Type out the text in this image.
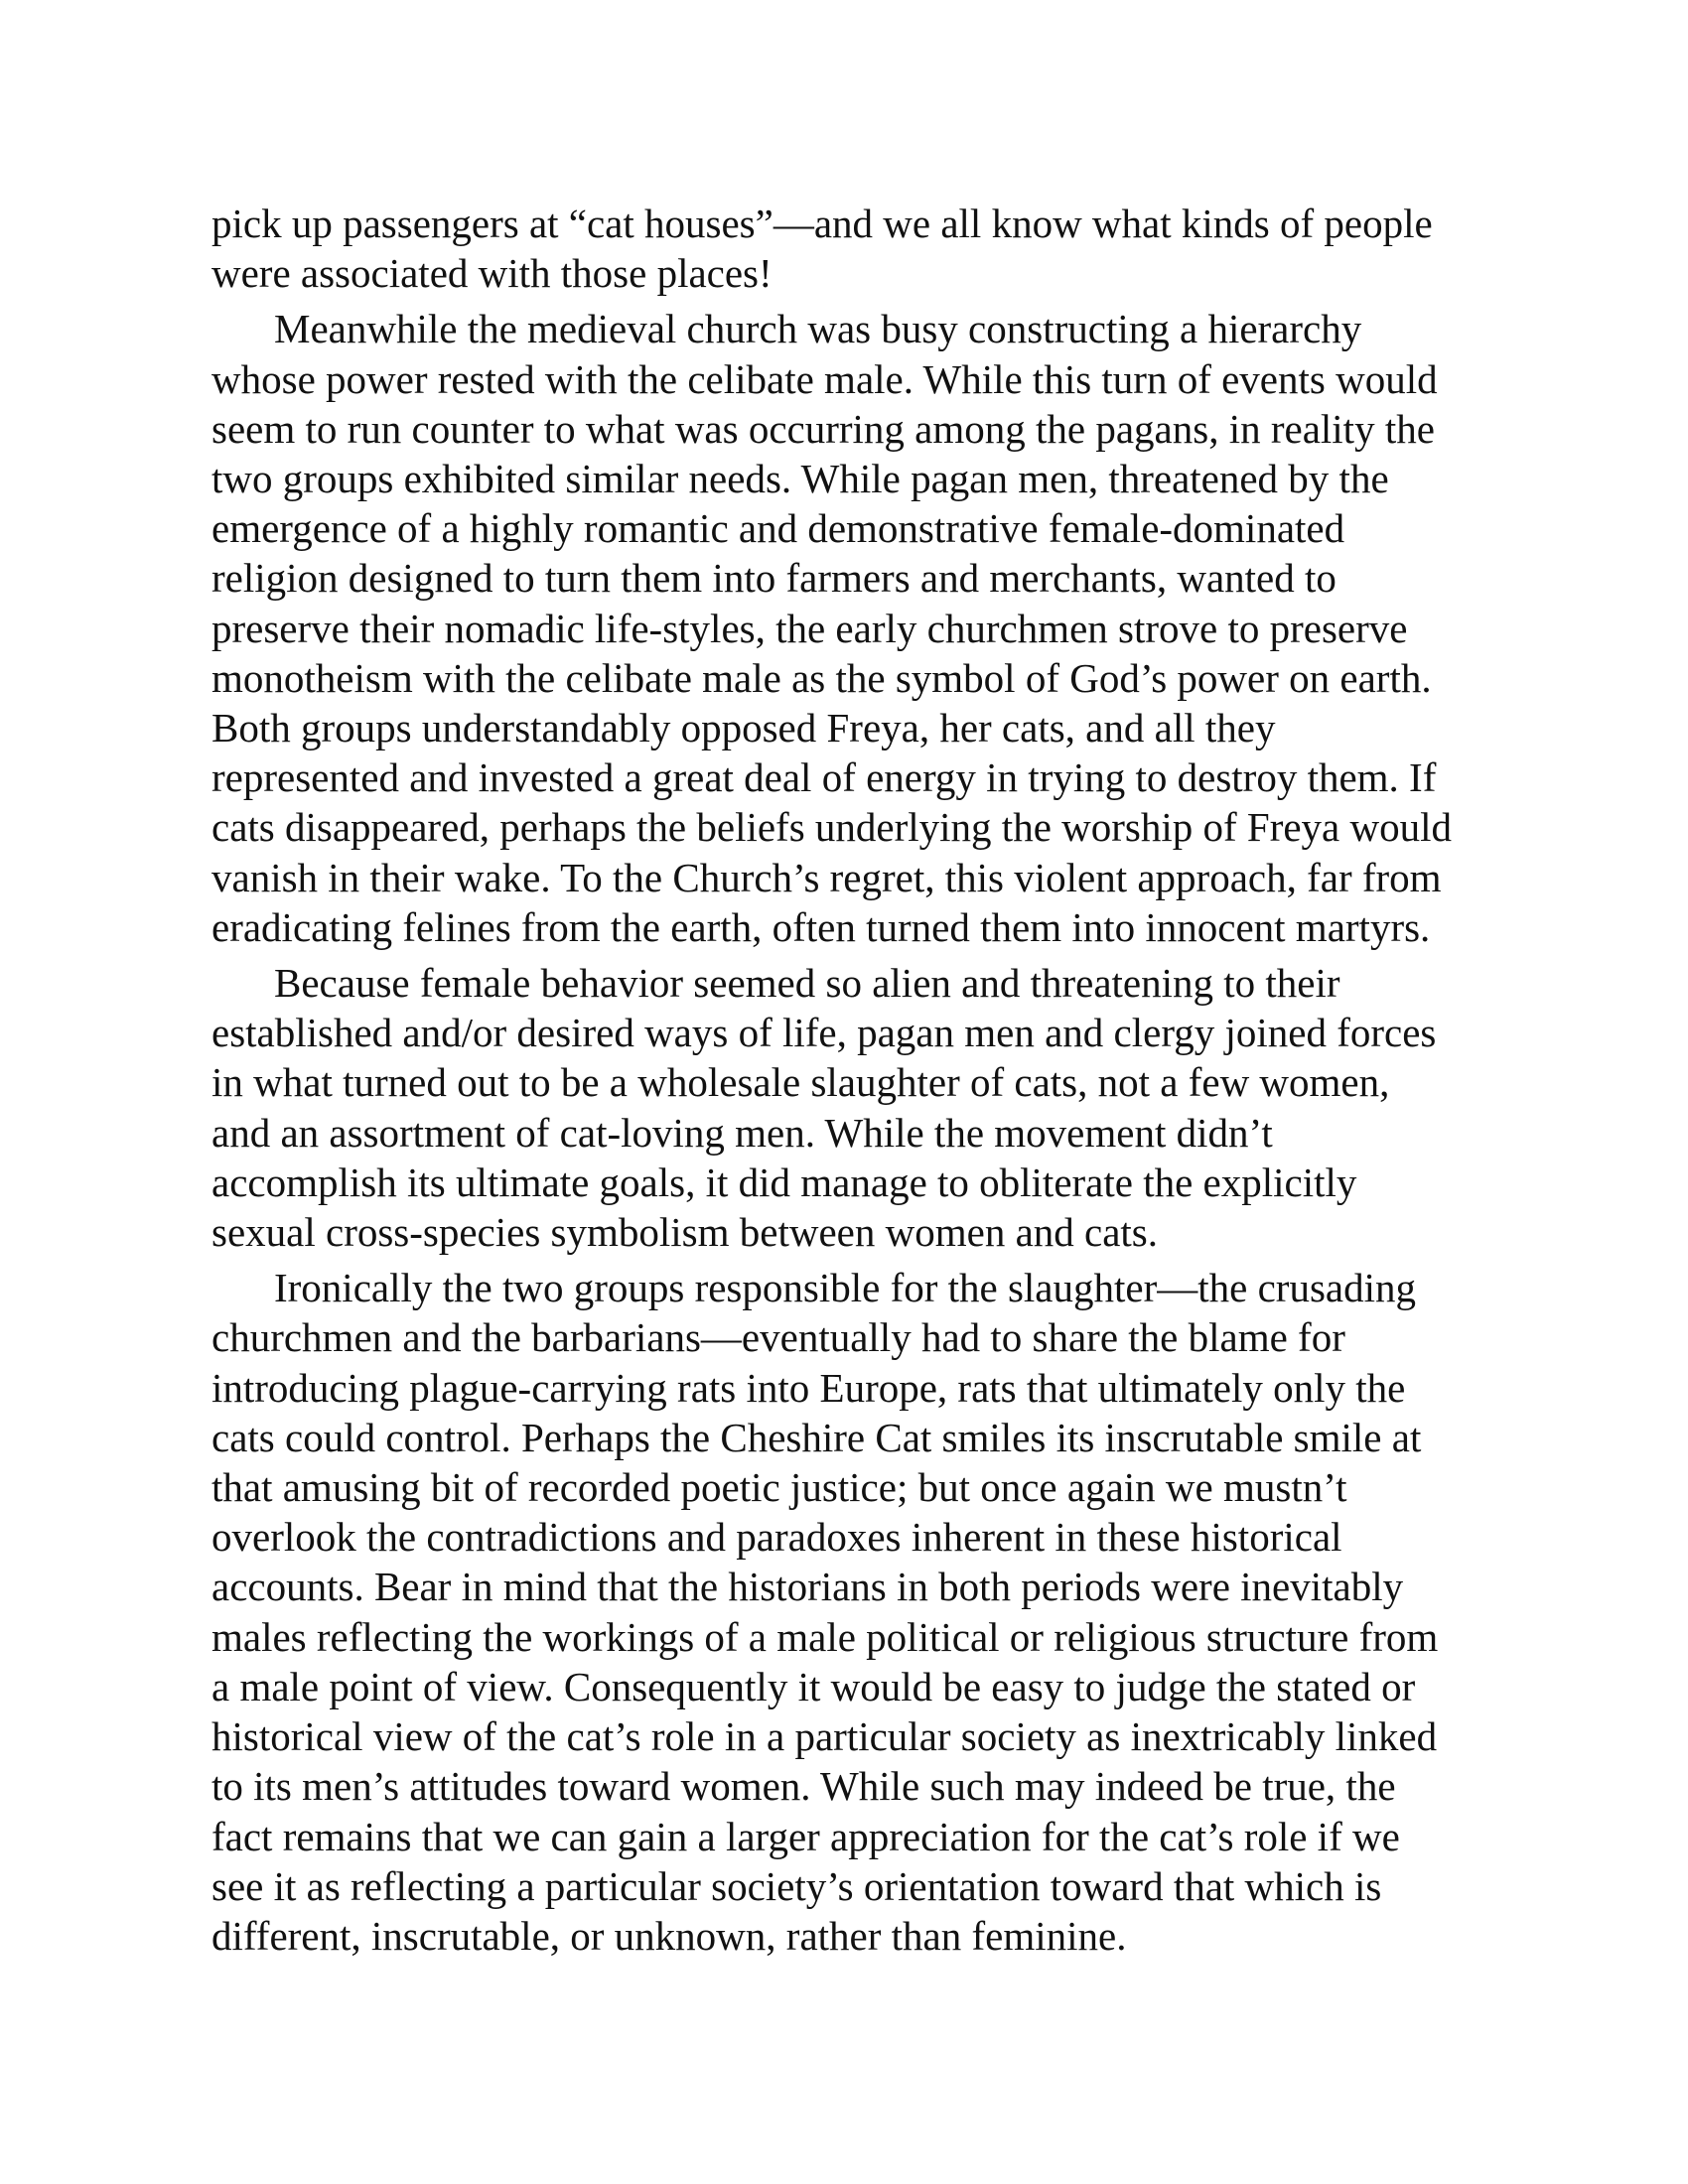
pick up passengers at “cat houses”—and we all know what kinds of people
were associated with those places!
Meanwhile the medieval church was busy constructing a hierarchy
whose power rested with the celibate male. While this turn of events would
seem to run counter to what was occurring among the pagans, in reality the
two groups exhibited similar needs. While pagan men, threatened by the
emergence of a highly romantic and demonstrative female-dominated
religion designed to turn them into farmers and merchants, wanted to
preserve their nomadic life-styles, the early churchmen strove to preserve
monotheism with the celibate male as the symbol of God’s power on earth.
Both groups understandably opposed Freya, her cats, and all they
represented and invested a great deal of energy in trying to destroy them. If
cats disappeared, perhaps the beliefs underlying the worship of Freya would
vanish in their wake. To the Church’s regret, this violent approach, far from
eradicating felines from the earth, often turned them into innocent martyrs.
Because female behavior seemed so alien and threatening to their
established and/or desired ways of life, pagan men and clergy joined forces
in what turned out to be a wholesale slaughter of cats, not a few women,
and an assortment of cat-loving men. While the movement didn’t
accomplish its ultimate goals, it did manage to obliterate the explicitly
sexual cross-species symbolism between women and cats.
Ironically the two groups responsible for the slaughter—the crusading
churchmen and the barbarians—eventually had to share the blame for
introducing plague-carrying rats into Europe, rats that ultimately only the
cats could control. Perhaps the Cheshire Cat smiles its inscrutable smile at
that amusing bit of recorded poetic justice; but once again we mustn’t
overlook the contradictions and paradoxes inherent in these historical
accounts. Bear in mind that the historians in both periods were inevitably
males reflecting the workings of a male political or religious structure from
a male point of view. Consequently it would be easy to judge the stated or
historical view of the cat’s role in a particular society as inextricably linked
to its men’s attitudes toward women. While such may indeed be true, the
fact remains that we can gain a larger appreciation for the cat’s role if we
see it as reflecting a particular society’s orientation toward that which is
different, inscrutable, or unknown, rather than feminine.
